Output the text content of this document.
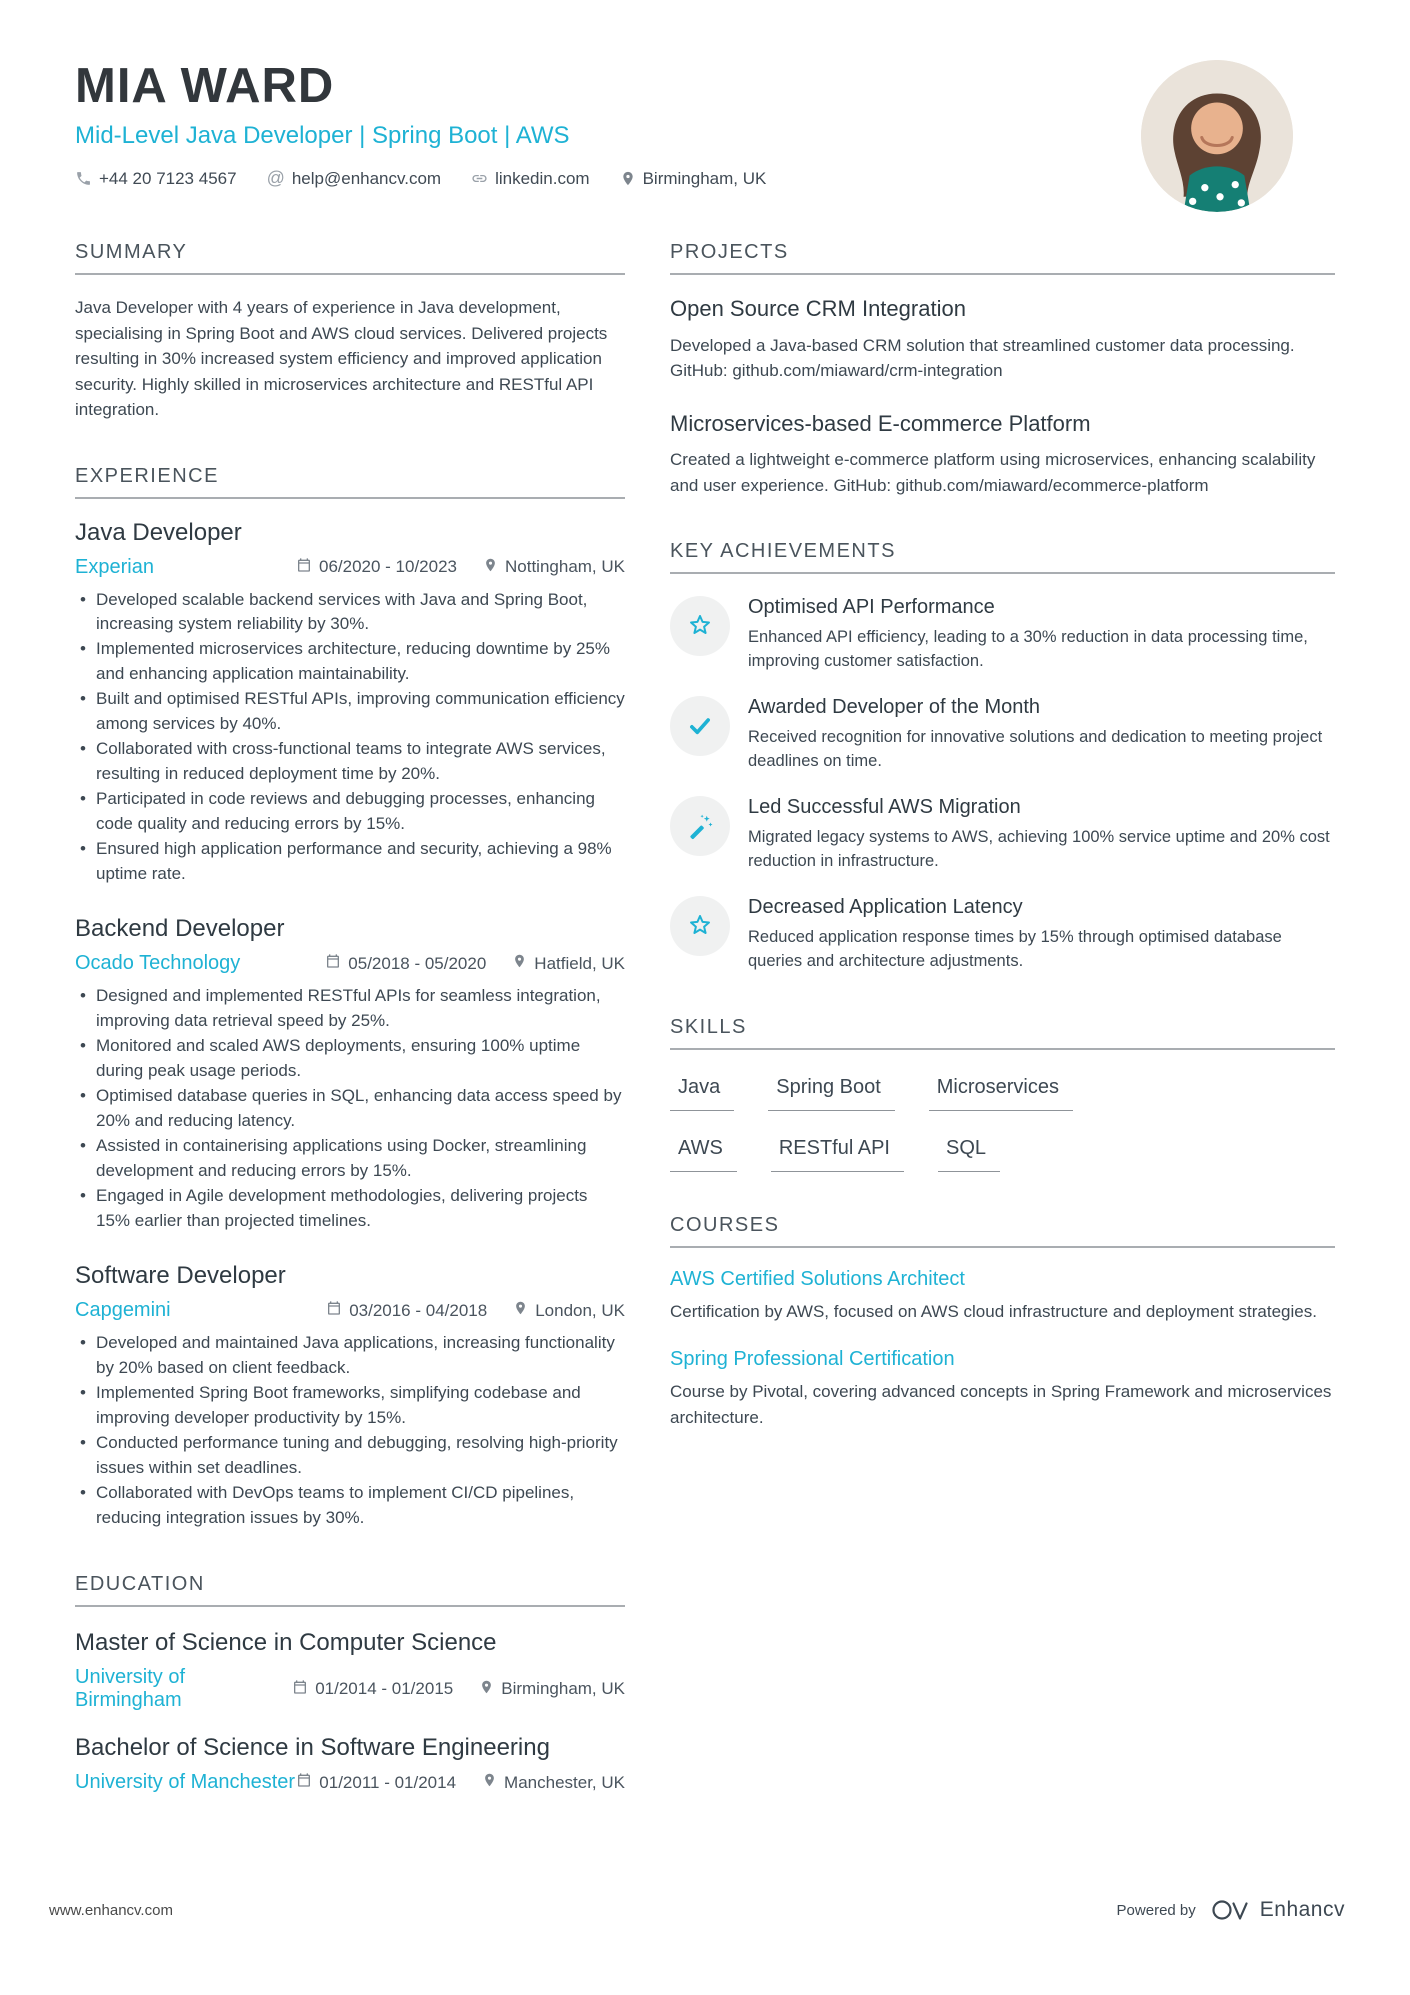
MIA WARD
Mid-Level Java Developer | Spring Boot | AWS
+44 20 7123 4567 @ help@enhancv.com	linkedin.com	Birmingham, UK
SUMMARY
Java Developer with 4 years of experience in Java development, specialising in Spring Boot and AWS cloud services. Delivered projects resulting in 30% increased system efficiency and improved application security. Highly skilled in microservices architecture and RESTful API integration.
EXPERIENCE
Java Developer
Experian	06/2020 - 10/2023	Nottingham, UK
• Developed scalable backend services with Java and Spring Boot, increasing system reliability by 30%.
• Implemented microservices architecture, reducing downtime by 25% and enhancing application maintainability.
• Built and optimised RESTful APIs, improving communication efficiency among services by 40%.
• Collaborated with cross-functional teams to integrate AWS services, resulting in reduced deployment time by 20%.
• Participated in code reviews and debugging processes, enhancing code quality and reducing errors by 15%.
• Ensured high application performance and security, achieving a 98% uptime rate.
Backend Developer
Ocado Technology	05/2018 - 05/2020	Hatfield, UK
• Designed and implemented RESTful APIs for seamless integration, improving data retrieval speed by 25%.
• Monitored and scaled AWS deployments, ensuring 100% uptime during peak usage periods.
• Optimised database queries in SQL, enhancing data access speed by 20% and reducing latency.
• Assisted in containerising applications using Docker, streamlining development and reducing errors by 15%.
• Engaged in Agile development methodologies, delivering projects 15% earlier than projected timelines.
Software Developer
Capgemini	03/2016 - 04/2018	London, UK
• Developed and maintained Java applications, increasing functionality by 20% based on client feedback.
• Implemented Spring Boot frameworks, simplifying codebase and improving developer productivity by 15%.
• Conducted performance tuning and debugging, resolving high-priority issues within set deadlines.
• Collaborated with DevOps teams to implement CI/CD pipelines, reducing integration issues by 30%.
EDUCATION
Master of Science in Computer Science
University of Birmingham
01/2014 - 01/2015	Birmingham, UK
Bachelor of Science in Software Engineering
University of Manchester 01/2011 - 01/2014	Manchester, UK
PROJECTS
Open Source CRM Integration
Developed a Java-based CRM solution that streamlined customer data processing. GitHub: github.com/miaward/crm-integration
Microservices-based E-commerce Platform
Created a lightweight e-commerce platform using microservices, enhancing scalability and user experience. GitHub: github.com/miaward/ecommerce-platform
KEY ACHIEVEMENTS
Optimised API Performance
Enhanced API efficiency, leading to a 30% reduction in data processing time, improving customer satisfaction.
Awarded Developer of the Month
Received recognition for innovative solutions and dedication to meeting project deadlines on time.
Led Successful AWS Migration
Migrated legacy systems to AWS, achieving 100% service uptime and 20% cost reduction in infrastructure.
Decreased Application Latency
Reduced application response times by 15% through optimised database queries and architecture adjustments.
SKILLS
Java	Spring Boot	Microservices
AWS	RESTful API	SQL
COURSES
AWS Certified Solutions Architect
Certification by AWS, focused on AWS cloud infrastructure and deployment strategies.
Spring Professional Certification
Course by Pivotal, covering advanced concepts in Spring Framework and microservices architecture.
www.enhancv.com	Powered by	Enhancv
